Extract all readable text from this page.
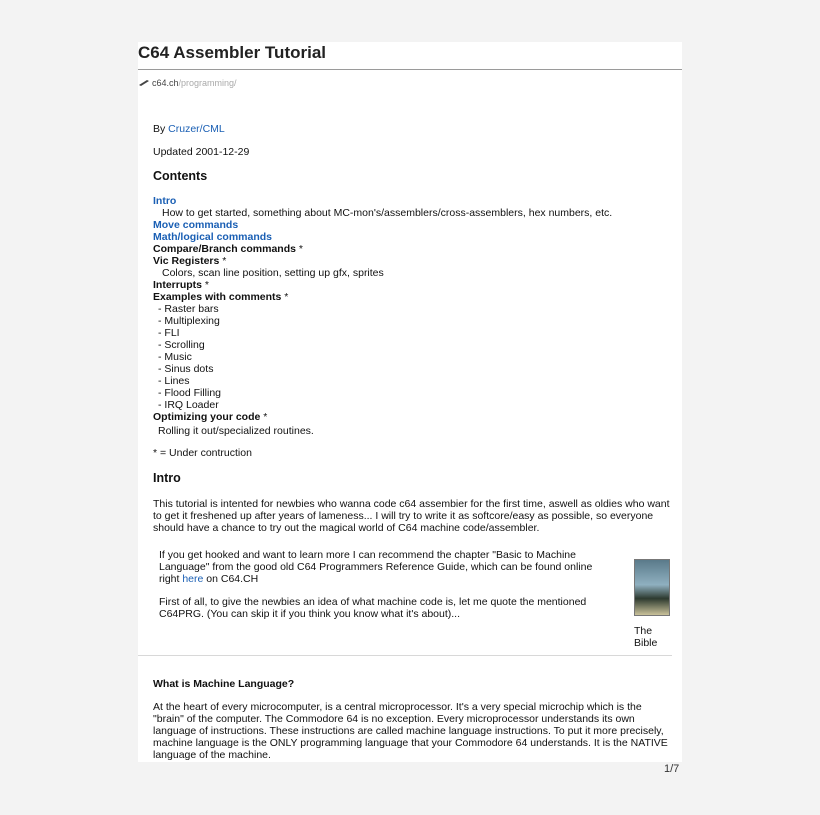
C64 Assembler Tutorial
c64.ch /programming/
By Cruzer/CML
Updated 2001-12-29
Contents
Intro
How to get started, something about MC-mon's/assemblers/cross-assemblers, hex numbers, etc.
Move commands
Math/logical commands
Compare/Branch commands *
Vic Registers *
Colors, scan line position, setting up gfx, sprites
Interrupts *
Examples with comments *
- Raster bars
- Multiplexing
- FLI
- Scrolling
- Music
- Sinus dots
- Lines
- Flood Filling
- IRQ Loader
Optimizing your code *
Rolling it out/specialized routines.
* = Under contruction
Intro
This tutorial is intented for newbies who wanna code c64 assembier for the first time, aswell as oldies who want
to get it freshened up after years of lameness... I will try to write it as softcore/easy as possible, so everyone
should have a chance to try out the magical world of C64 machine code/assembler.
If you get hooked and want to learn more I can recommend the chapter "Basic to Machine
Language" from the good old C64 Programmers Reference Guide, which can be found online
right here on C64.CH
First of all, to give the newbies an idea of what machine code is, let me quote the mentioned
C64PRG. (You can skip it if you think you know what it's about)...
The
Bible
What is Machine Language?
At the heart of every microcomputer, is a central microprocessor. It's a very special microchip which is the
"brain" of the computer. The Commodore 64 is no exception. Every microprocessor understands its own
language of instructions. These instructions are called machine language instructions. To put it more precisely,
machine language is the ONLY programming language that your Commodore 64 understands. It is the NATIVE
language of the machine.
1/7
